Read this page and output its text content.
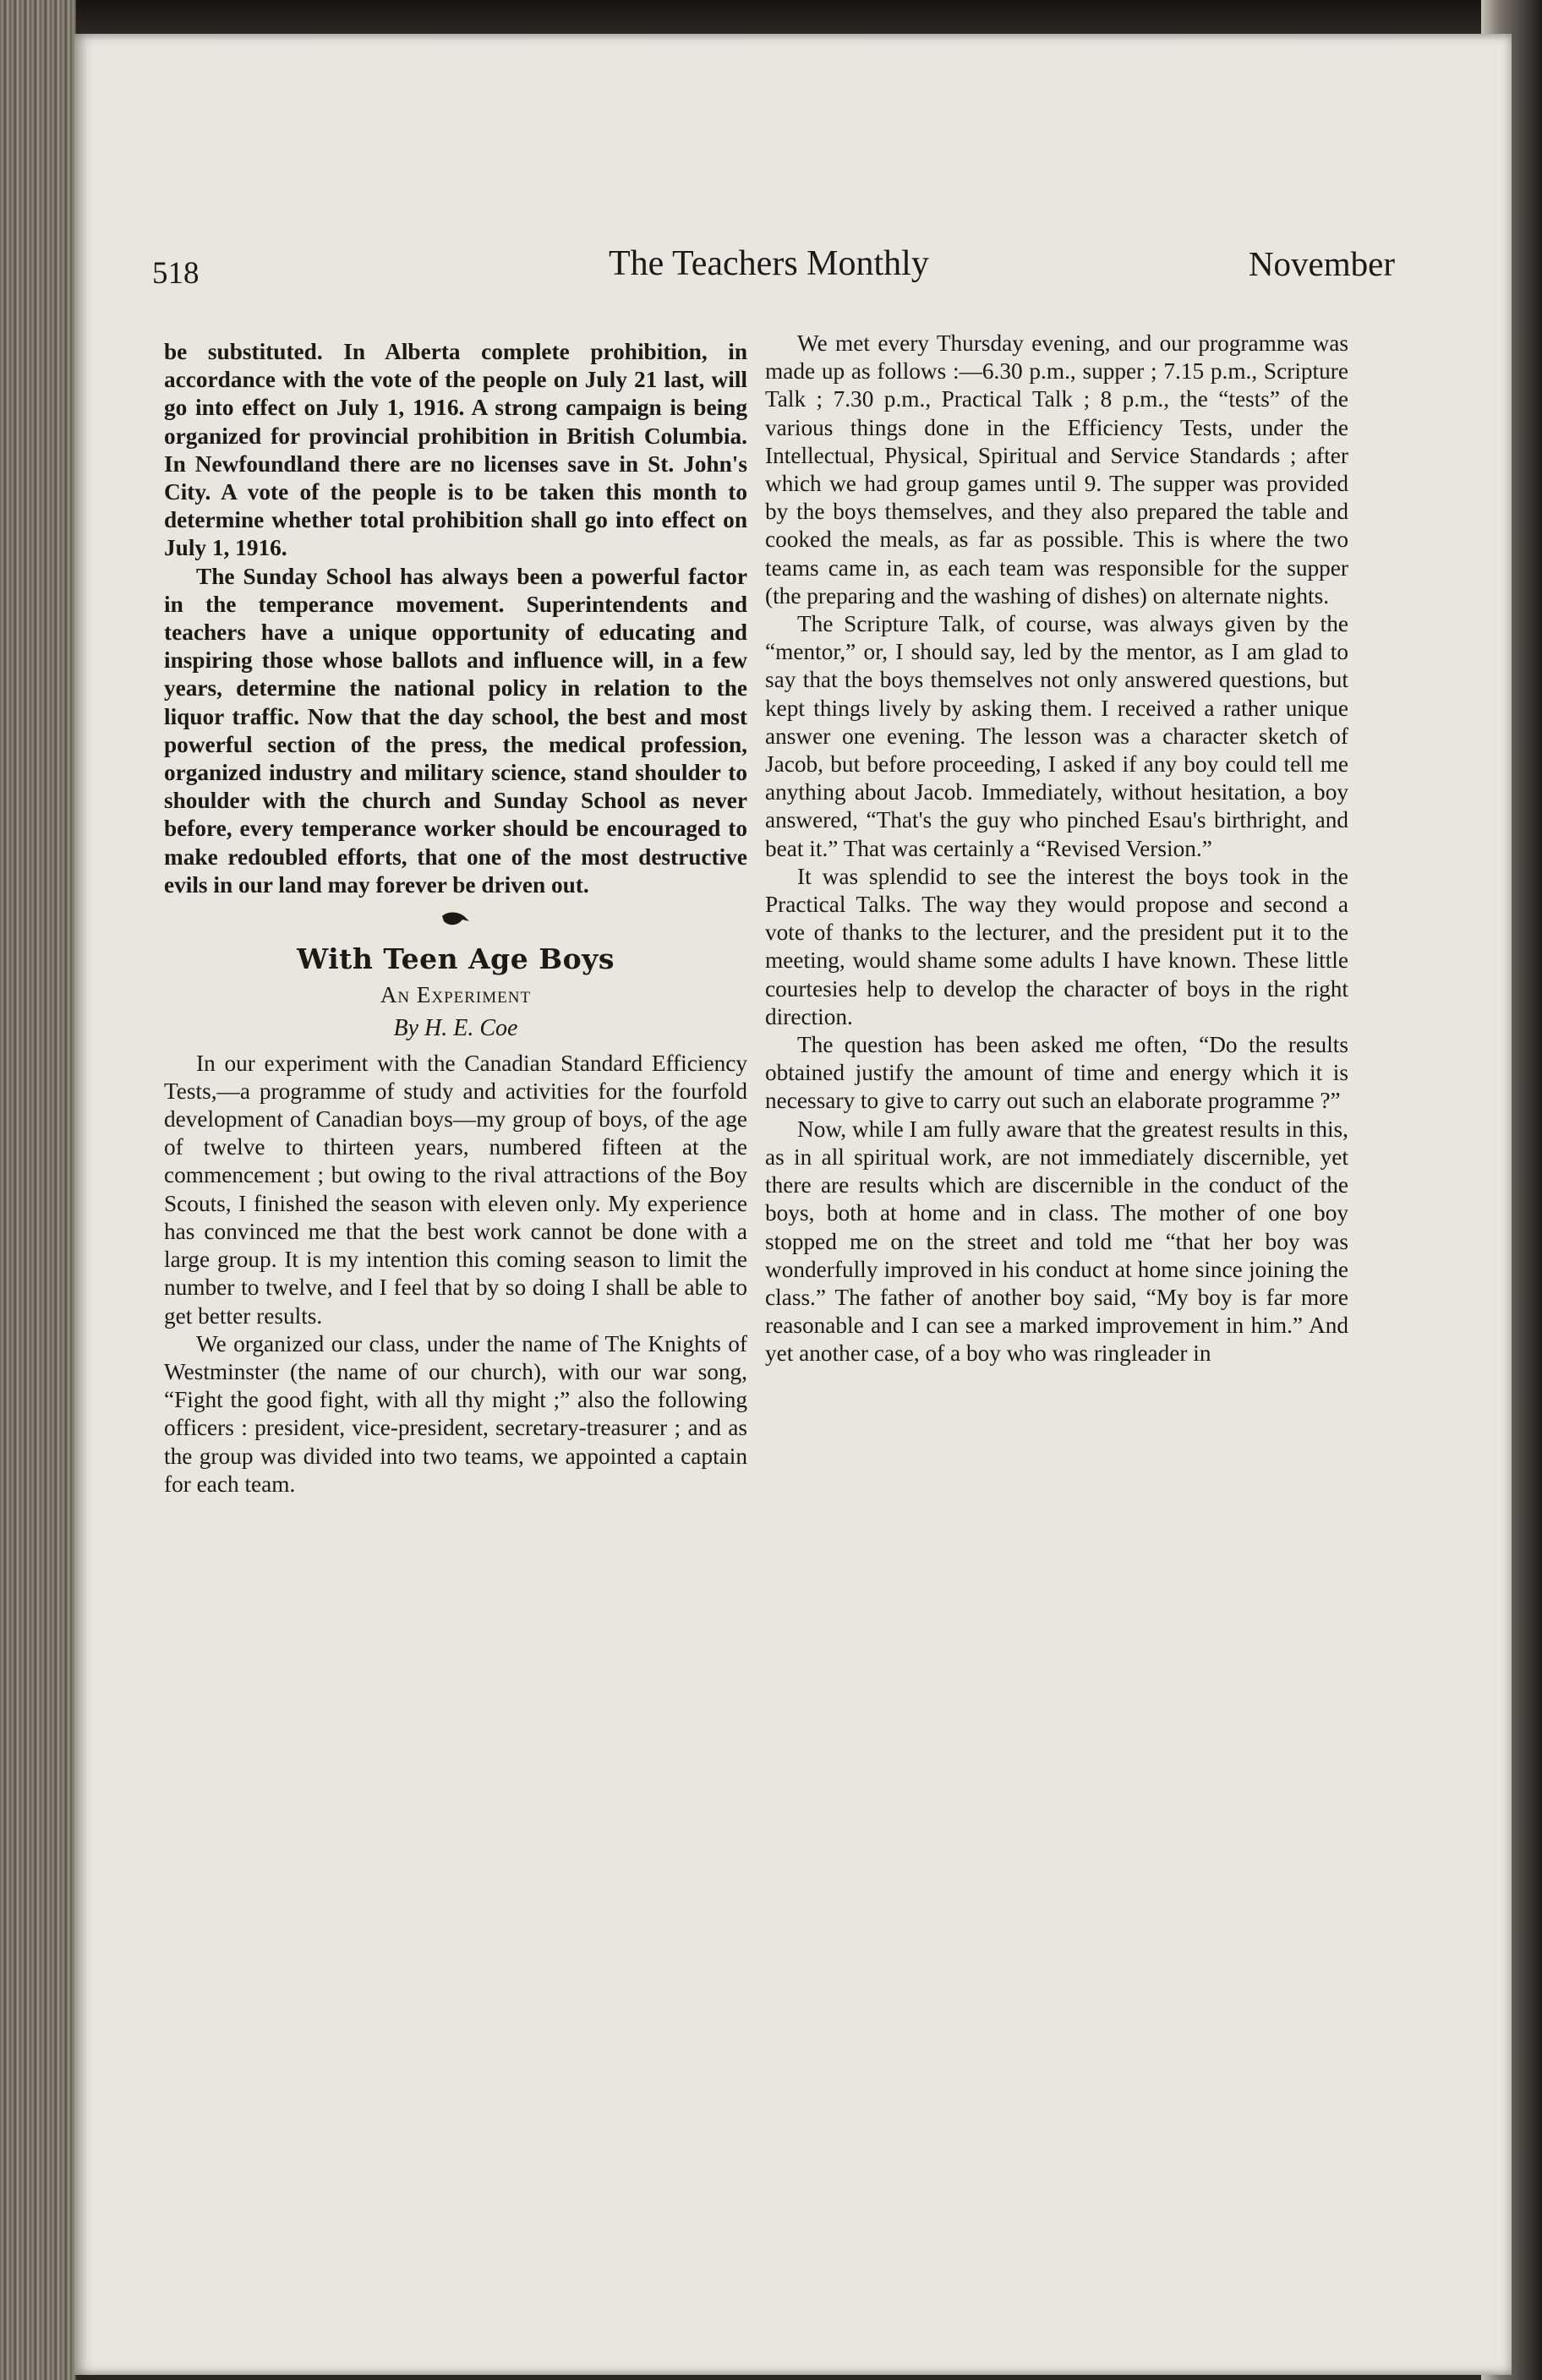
518	The Teachers Monthly	November

be substituted. In Alberta complete prohibition, in accordance with the vote of the people on July 21 last, will go into effect on July 1, 1916. A strong campaign is being organized for provincial prohibition in British Columbia. In Newfoundland there are no licenses save in St. John's City. A vote of the people is to be taken this month to determine whether total prohibition shall go into effect on July 1, 1916.

The Sunday School has always been a powerful factor in the temperance movement. Superintendents and teachers have a unique opportunity of educating and inspiring those whose ballots and influence will, in a few years, determine the national policy in relation to the liquor traffic. Now that the day school, the best and most powerful section of the press, the medical profession, organized industry and military science, stand shoulder to shoulder with the church and Sunday School as never before, every temperance worker should be encouraged to make redoubled efforts, that one of the most destructive evils in our land may forever be driven out.

With Teen Age Boys
An Experiment
By H. E. Coe

In our experiment with the Canadian Standard Efficiency Tests,—a programme of study and activities for the fourfold development of Canadian boys—my group of boys, of the age of twelve to thirteen years, numbered fifteen at the commencement ; but owing to the rival attractions of the Boy Scouts, I finished the season with eleven only. My experience has convinced me that the best work cannot be done with a large group. It is my intention this coming season to limit the number to twelve, and I feel that by so doing I shall be able to get better results.

We organized our class, under the name of The Knights of Westminster (the name of our church), with our war song, “Fight the good fight, with all thy might ;” also the following officers : president, vice-president, secretary-treasurer ; and as the group was divided into two teams, we appointed a captain for each team.

We met every Thursday evening, and our programme was made up as follows :—6.30 p.m., supper ; 7.15 p.m., Scripture Talk ; 7.30 p.m., Practical Talk ; 8 p.m., the “tests” of the various things done in the Efficiency Tests, under the Intellectual, Physical, Spiritual and Service Standards ; after which we had group games until 9. The supper was provided by the boys themselves, and they also prepared the table and cooked the meals, as far as possible. This is where the two teams came in, as each team was responsible for the supper (the preparing and the washing of dishes) on alternate nights.

The Scripture Talk, of course, was always given by the “mentor,” or, I should say, led by the mentor, as I am glad to say that the boys themselves not only answered questions, but kept things lively by asking them. I received a rather unique answer one evening. The lesson was a character sketch of Jacob, but before proceeding, I asked if any boy could tell me anything about Jacob. Immediately, without hesitation, a boy answered, “That's the guy who pinched Esau's birthright, and beat it.” That was certainly a “Revised Version.”

It was splendid to see the interest the boys took in the Practical Talks. The way they would propose and second a vote of thanks to the lecturer, and the president put it to the meeting, would shame some adults I have known. These little courtesies help to develop the character of boys in the right direction.

The question has been asked me often, “Do the results obtained justify the amount of time and energy which it is necessary to give to carry out such an elaborate programme ?”

Now, while I am fully aware that the greatest results in this, as in all spiritual work, are not immediately discernible, yet there are results which are discernible in the conduct of the boys, both at home and in class. The mother of one boy stopped me on the street and told me “that her boy was wonderfully improved in his conduct at home since joining the class.” The father of another boy said, “My boy is far more reasonable and I can see a marked improvement in him.” And yet another case, of a boy who was ringleader in
